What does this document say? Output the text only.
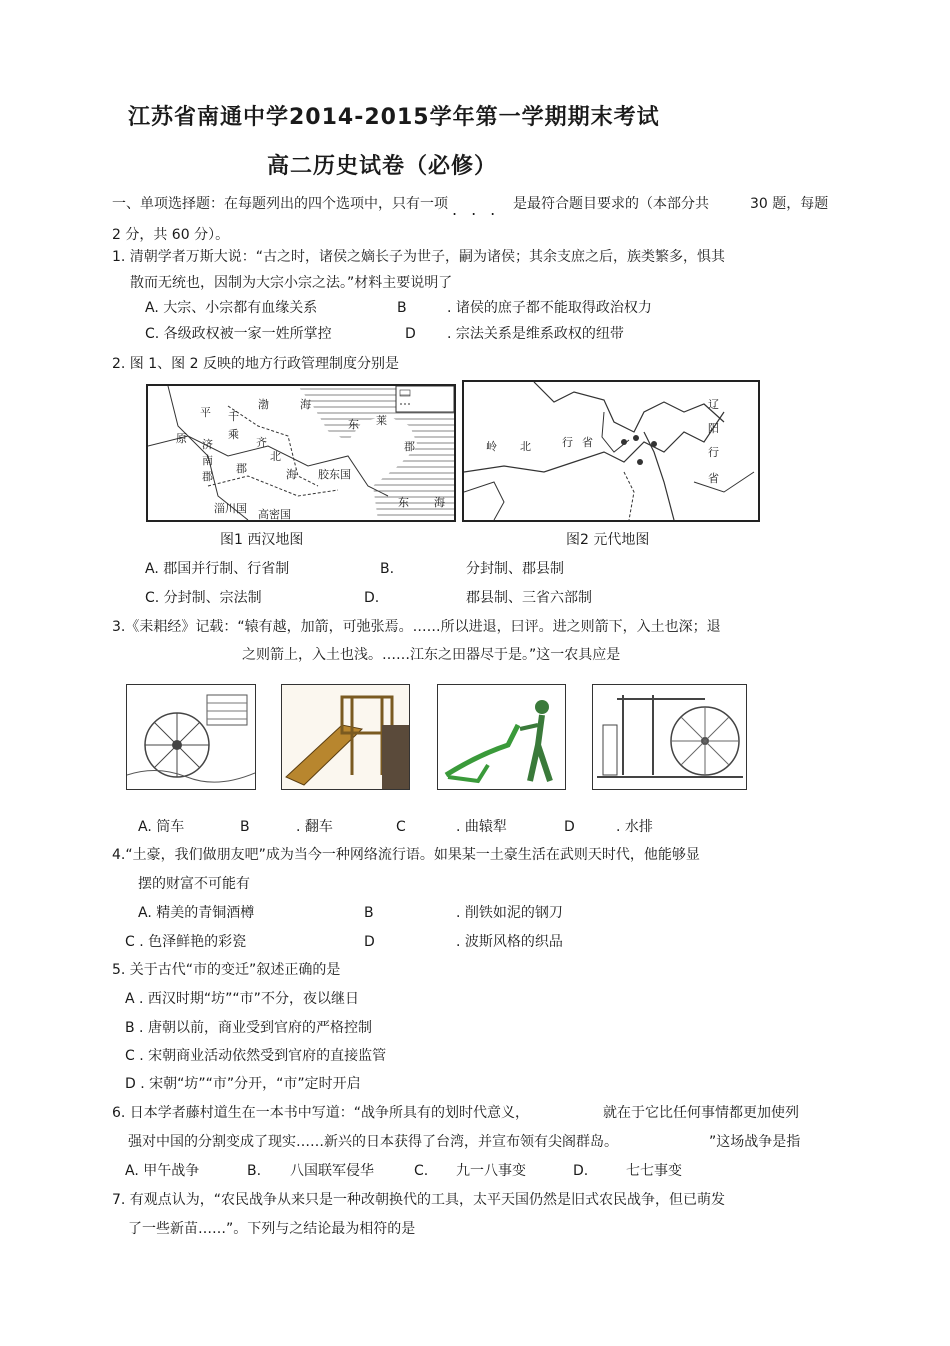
江苏省南通中学2014-2015学年第一学期期末考试
高二历史试卷（必修）
一、单项选择题：在每题列出的四个选项中，只有一项 ... 是最符合题目要求的（本部分共	30 题，每题
2 分，共 60 分）。
1. 清朝学者万斯大说：“古之时，诸侯之嫡长子为世子，嗣为诸侯；其余支庶之后，族类繁多，惧其
散而无统也，因制为大宗小宗之法。”材料主要说明了
A. 大宗、小宗都有血缘关系	B	. 诸侯的庶子都不能取得政治权力
C. 各级政权被一家一姓所掌控	D . 宗法关系是维系政权的纽带
2. 图 1、图 2 反映的地方行政管理制度分别是
渤	海
东 莱
郡
平 千
原	乘
济	齐
南
郡
北
海 胶东国
郡
东 海
淄川国 高密国
辽
阳
行
岭 北	行 省
省
图1 西汉地图	图2 元代地图
A. 郡国并行制、行省制	B.	分封制、郡县制
C. 分封制、宗法制	D.	郡县制、三省六部制
3.《耒耜经》记载：“辕有越，加箭，可弛张焉。……所以进退，曰评。进之则箭下，入土也深；退
之则箭上，入土也浅。……江东之田器尽于是。”这一农具应是
A. 筒车	B	. 翻车	C	. 曲辕犁	D	. 水排
4.“土豪，我们做朋友吧”成为当今一种网络流行语。如果某一土豪生活在武则天时代，他能够显
摆的财富不可能有
A. 精美的青铜酒樽	B	. 削铁如泥的钢刀
C . 色泽鲜艳的彩瓷	D	. 波斯风格的织品
5. 关于古代“市的变迁”叙述正确的是
A . 西汉时期“坊”“市”不分，夜以继日
B . 唐朝以前，商业受到官府的严格控制
C . 宋朝商业活动依然受到官府的直接监管
D . 宋朝“坊”“市”分开，“市”定时开启
6. 日本学者藤村道生在一本书中写道：“战争所具有的划时代意义，	就在于它比任何事情都更加使列
强对中国的分割变成了现实……新兴的日本获得了台湾，并宣布领有尖阁群岛。	”这场战争是指
A. 甲午战争	B. 八国联军侵华	C. 九一八事变	D.	七七事变
7. 有观点认为，“农民战争从来只是一种改朝换代的工具，太平天国仍然是旧式农民战争，但已萌发
了一些新苗……”。下列与之结论最为相符的是
